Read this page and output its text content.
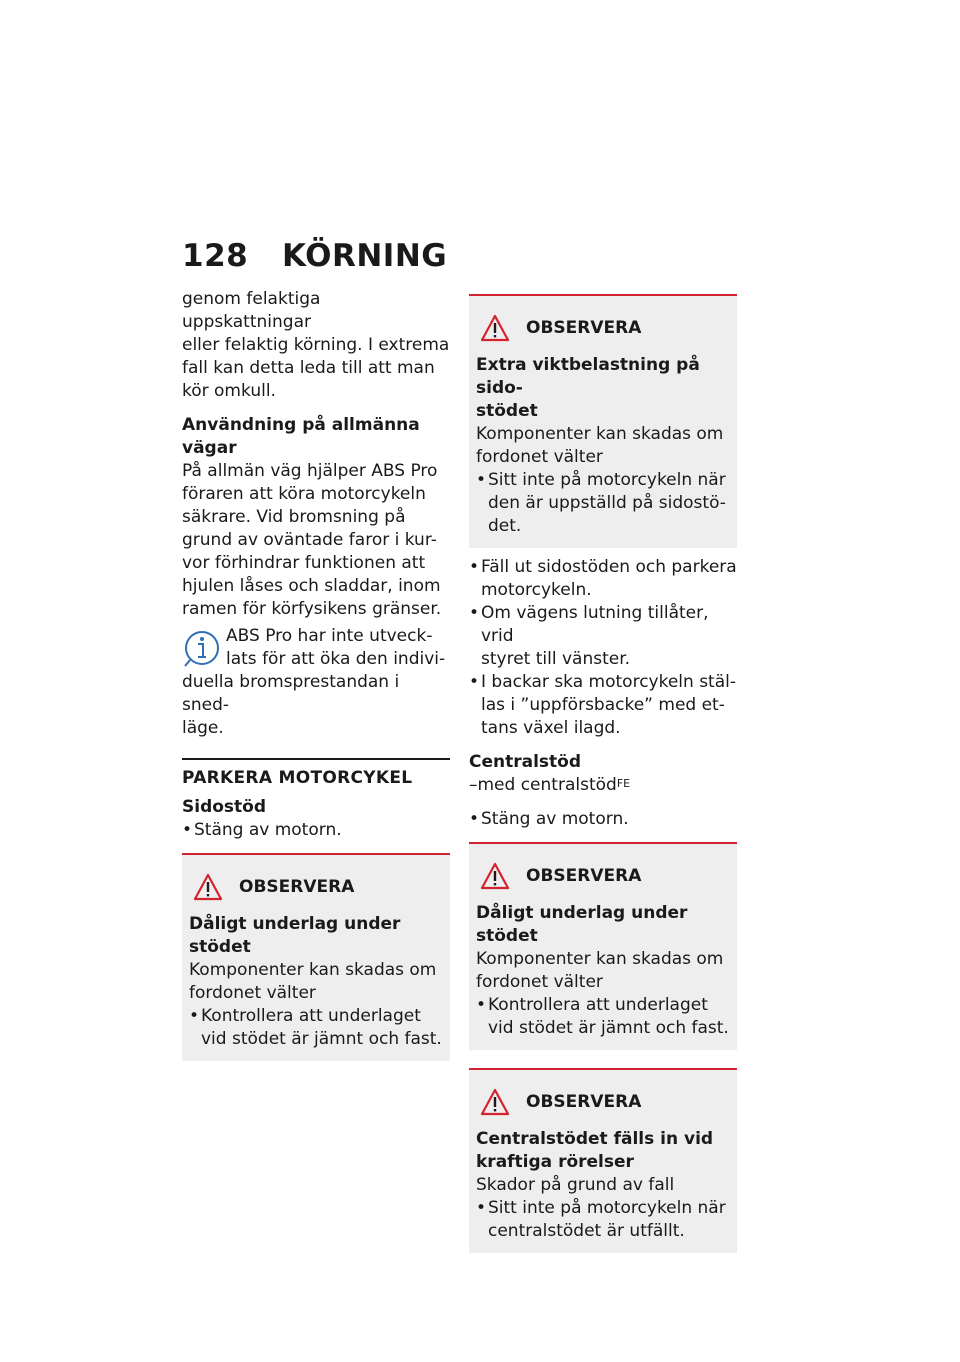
128 KÖRNING

genom felaktiga uppskattningar

eller felaktig körning. I extrema

fall kan detta leda till att man

kör omkull.

Användning på allmänna

vägar

På allmän väg hjälper ABS Pro

föraren att köra motorcykeln

säkrare. Vid bromsning på

grund av oväntade faror i kur-

vor förhindrar funktionen att

hjulen låses och sladdar, inom

ramen för körfysikens gränser.

ABS Pro har inte utveck-

lats för att öka den indivi-

duella bromsprestandan i sned-

läge.

PARKERA MOTORCYKEL

Sidostöd

• Stäng av motorn.
OBSERVERA

Dåligt underlag under stödet

Komponenter kan skadas om

fordonet välter

• Kontrollera att underlaget

vid stödet är jämnt och fast.

OBSERVERA

Extra viktbelastning på sido-

stödet

Komponenter kan skadas om

fordonet välter

• Sitt inte på motorcykeln när

den är uppställd på sidostö-

det.

• Fäll ut sidostöden och parkera

motorcykeln.

• Om vägens lutning tillåter, vrid

styret till vänster.

• I backar ska motorcykeln stäl-

las i ”uppförsbacke” med et-

tans växel ilagd.

Centralstöd

–med centralstöd$^{FE}$

• Stäng av motorn.
OBSERVERA

Dåligt underlag under stödet

Komponenter kan skadas om

fordonet välter

• Kontrollera att underlaget

vid stödet är jämnt och fast.

OBSERVERA

Centralstödet fälls in vid

kraftiga rörelser

Skador på grund av fall

• Sitt inte på motorcykeln när

centralstödet är utfällt.
